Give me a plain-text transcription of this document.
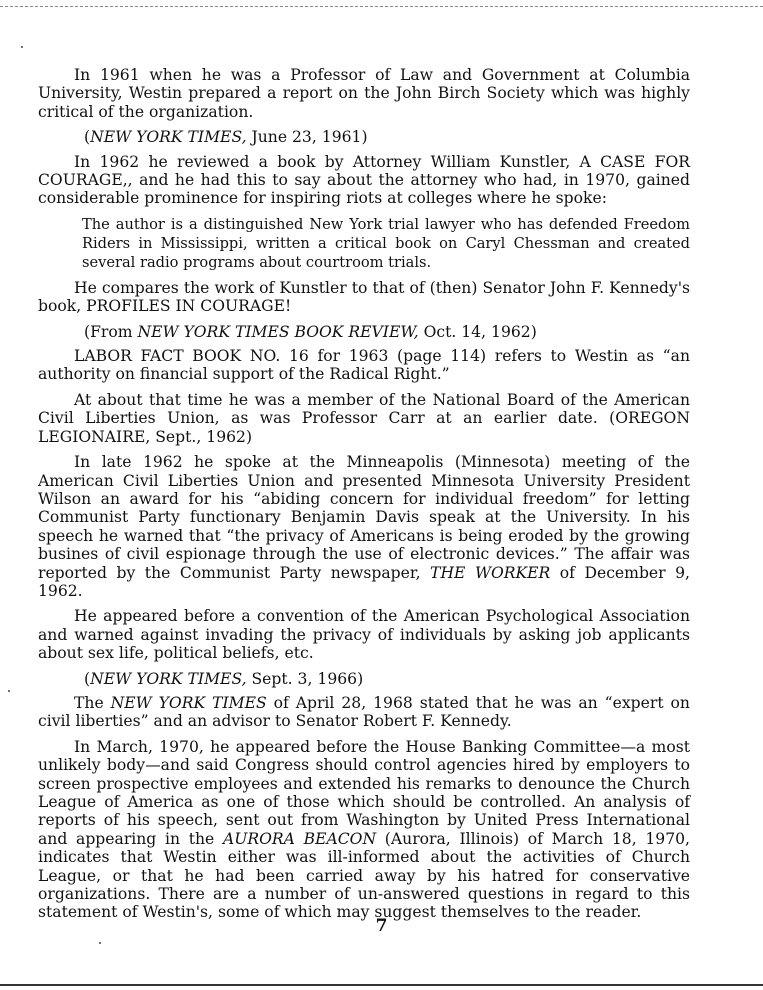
In 1961 when he was a Professor of Law and Government at Columbia University, Westin prepared a report on the John Birch Society which was highly critical of the organization.

(NEW YORK TIMES, June 23, 1961)

In 1962 he reviewed a book by Attorney William Kunstler, A CASE FOR COURAGE,, and he had this to say about the attorney who had, in 1970, gained considerable prominence for inspiring riots at colleges where he spoke:

The author is a distinguished New York trial lawyer who has defended Freedom Riders in Mississippi, written a critical book on Caryl Chessman and created several radio programs about courtroom trials.

He compares the work of Kunstler to that of (then) Senator John F. Kennedy's book, PROFILES IN COURAGE!

(From NEW YORK TIMES BOOK REVIEW, Oct. 14, 1962)

LABOR FACT BOOK NO. 16 for 1963 (page 114) refers to Westin as “an authority on financial support of the Radical Right.”

At about that time he was a member of the National Board of the American Civil Liberties Union, as was Professor Carr at an earlier date. (OREGON LEGIONAIRE, Sept., 1962)

In late 1962 he spoke at the Minneapolis (Minnesota) meeting of the American Civil Liberties Union and presented Minnesota University President Wilson an award for his “abiding concern for individual freedom” for letting Communist Party functionary Benjamin Davis speak at the University. In his speech he warned that “the privacy of Americans is being eroded by the growing busines of civil espionage through the use of electronic devices.” The affair was reported by the Communist Party newspaper, THE WORKER of December 9, 1962.

He appeared before a convention of the American Psychological Association and warned against invading the privacy of individuals by asking job applicants about sex life, political beliefs, etc.

(NEW YORK TIMES, Sept. 3, 1966)

The NEW YORK TIMES of April 28, 1968 stated that he was an “expert on civil liberties” and an advisor to Senator Robert F. Kennedy.

In March, 1970, he appeared before the House Banking Committee—a most unlikely body—and said Congress should control agencies hired by employers to screen prospective employees and extended his remarks to denounce the Church League of America as one of those which should be controlled. An analysis of reports of his speech, sent out from Washington by United Press International and appearing in the AURORA BEACON (Aurora, Illinois) of March 18, 1970, indicates that Westin either was ill-informed about the activities of Church League, or that he had been carried away by his hatred for conservative organizations. There are a number of un-answered questions in regard to this statement of Westin's, some of which may suggest themselves to the reader.

7
